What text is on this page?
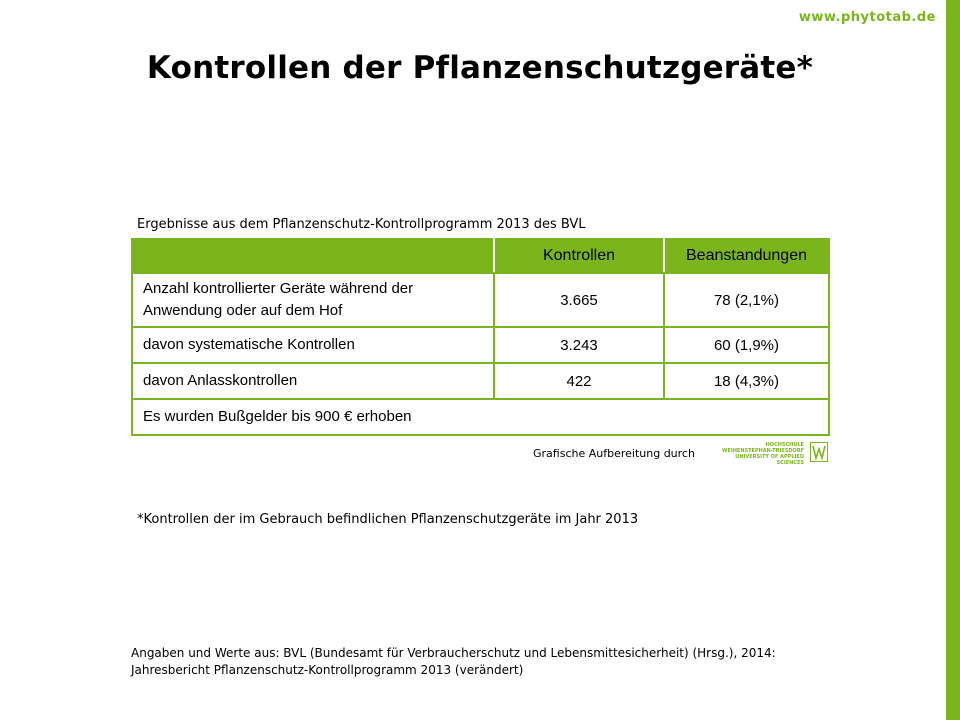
www.phytotab.de
Kontrollen der Pflanzenschutzgeräte*
Ergebnisse aus dem Pflanzenschutz-Kontrollprogramm 2013 des BVL
	Kontrollen	Beanstandungen
Anzahl kontrollierter Geräte während der Anwendung oder auf dem Hof	3.665	78 (2,1%)
davon systematische Kontrollen	3.243	60 (1,9%)
davon Anlasskontrollen	422	18 (4,3%)
Es wurden Bußgelder bis 900 € erhoben		
Grafische Aufbereitung durch
HOCHSCHULE
WEIHENSTEPHAN-TRIESDORF
UNIVERSITY OF APPLIED SCIENCES
*Kontrollen der im Gebrauch befindlichen Pflanzenschutzgeräte im Jahr 2013
Angaben und Werte aus: BVL (Bundesamt für Verbraucherschutz und Lebensmittesicherheit) (Hrsg.), 2014: Jahresbericht Pflanzenschutz-Kontrollprogramm 2013 (verändert)
